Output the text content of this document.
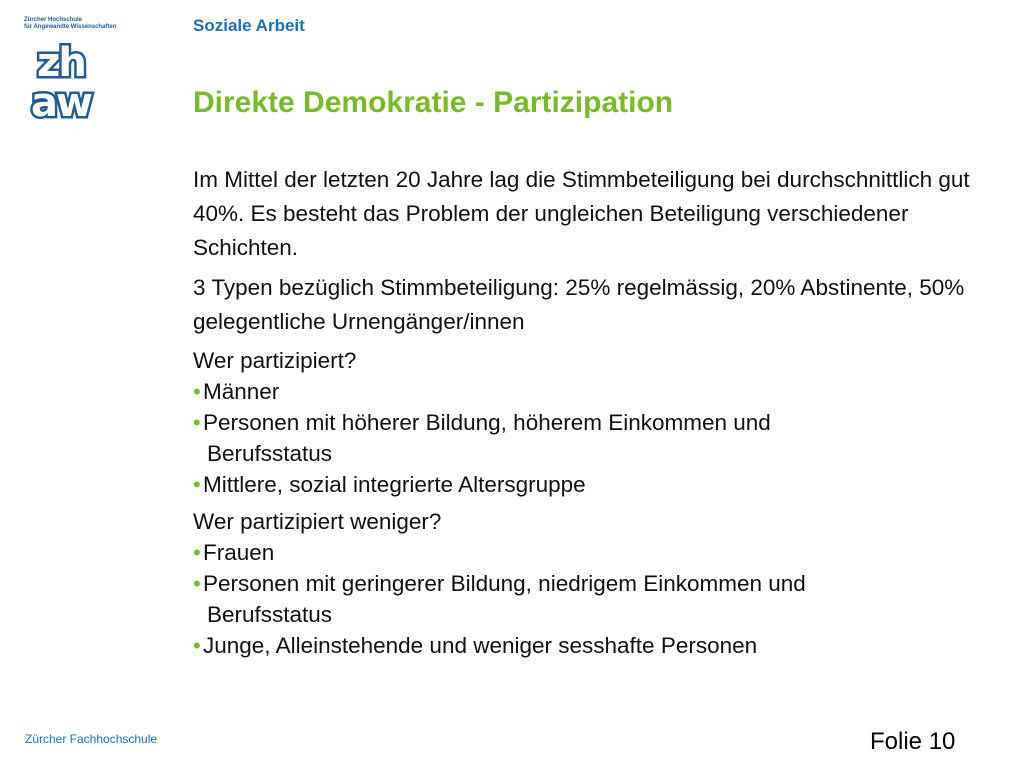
Zürcher Hochschule
für Angewandte Wissenschaften
zh
aw
Soziale Arbeit
Direkte Demokratie - Partizipation

Im Mittel der letzten 20 Jahre lag die Stimmbeteiligung bei durchschnittlich gut 40%. Es besteht das Problem der ungleichen Beteiligung verschiedener Schichten.

3 Typen bezüglich Stimmbeteiligung: 25% regelmässig, 20% Abstinente, 50% gelegentliche Urnengänger/innen

Wer partizipiert?

• Männer
• Personen mit höherer Bildung, höherem Einkommen und
Berufsstatus
• Mittlere, sozial integrierte Altersgruppe

Wer partizipiert weniger?

• Frauen
• Personen mit geringerer Bildung, niedrigem Einkommen und
Berufsstatus
• Junge, Alleinstehende und weniger sesshafte Personen
Zürcher Fachhochschule	Folie 10
